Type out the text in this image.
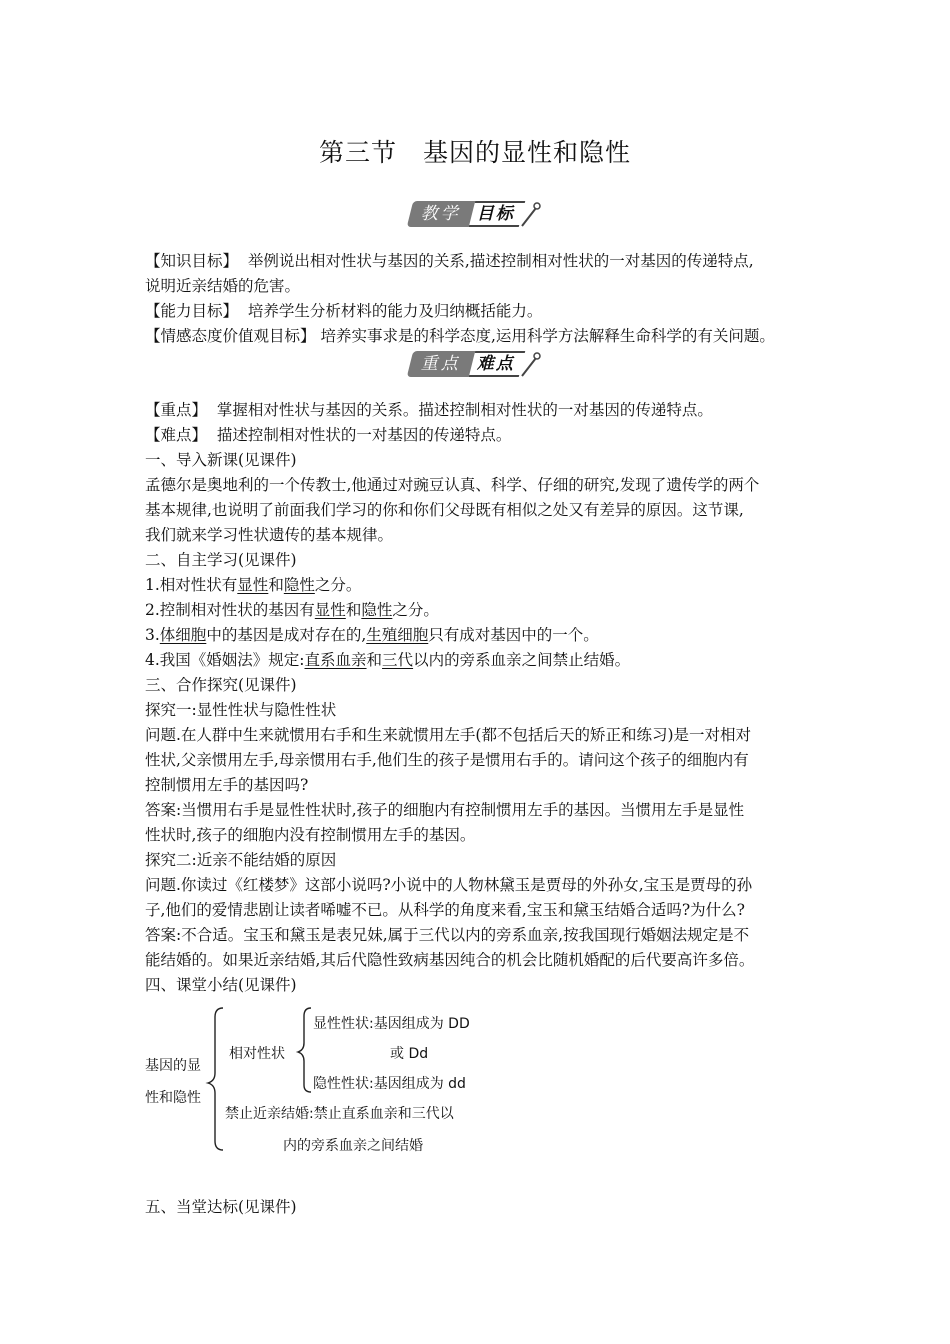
第三节 基因的显性和隐性
教学 目标
【知识目标】 举例说出相对性状与基因的关系,描述控制相对性状的一对基因的传递特点,
说明近亲结婚的危害。
【能力目标】 培养学生分析材料的能力及归纳概括能力。
【情感态度价值观目标】 培养实事求是的科学态度,运用科学方法解释生命科学的有关问题。
重点 难点
【重点】 掌握相对性状与基因的关系。描述控制相对性状的一对基因的传递特点。
【难点】 描述控制相对性状的一对基因的传递特点。
一、导入新课(见课件)
孟德尔是奥地利的一个传教士,他通过对豌豆认真、科学、仔细的研究,发现了遗传学的两个
基本规律,也说明了前面我们学习的你和你们父母既有相似之处又有差异的原因。这节课,
我们就来学习性状遗传的基本规律。
二、自主学习(见课件)
1.相对性状有显性和隐性之分。
2.控制相对性状的基因有显性和隐性之分。
3.体细胞中的基因是成对存在的,生殖细胞只有成对基因中的一个。
4.我国《婚姻法》规定:直系血亲和三代以内的旁系血亲之间禁止结婚。
三、合作探究(见课件)
探究一:显性性状与隐性性状
问题.在人群中生来就惯用右手和生来就惯用左手(都不包括后天的矫正和练习)是一对相对
性状,父亲惯用左手,母亲惯用右手,他们生的孩子是惯用右手的。请问这个孩子的细胞内有
控制惯用左手的基因吗?
答案:当惯用右手是显性性状时,孩子的细胞内有控制惯用左手的基因。当惯用左手是显性
性状时,孩子的细胞内没有控制惯用左手的基因。
探究二:近亲不能结婚的原因
问题.你读过《红楼梦》这部小说吗?小说中的人物林黛玉是贾母的外孙女,宝玉是贾母的孙
子,他们的爱情悲剧让读者唏嘘不已。从科学的角度来看,宝玉和黛玉结婚合适吗?为什么?
答案:不合适。宝玉和黛玉是表兄妹,属于三代以内的旁系血亲,按我国现行婚姻法规定是不
能结婚的。如果近亲结婚,其后代隐性致病基因纯合的机会比随机婚配的后代要高许多倍。
四、课堂小结(见课件)
基因的显
性和隐性
相对性状
显性性状:基因组成为 DD
或 Dd
隐性性状:基因组成为 dd
禁止近亲结婚:禁止直系血亲和三代以
内的旁系血亲之间结婚
五、当堂达标(见课件)
